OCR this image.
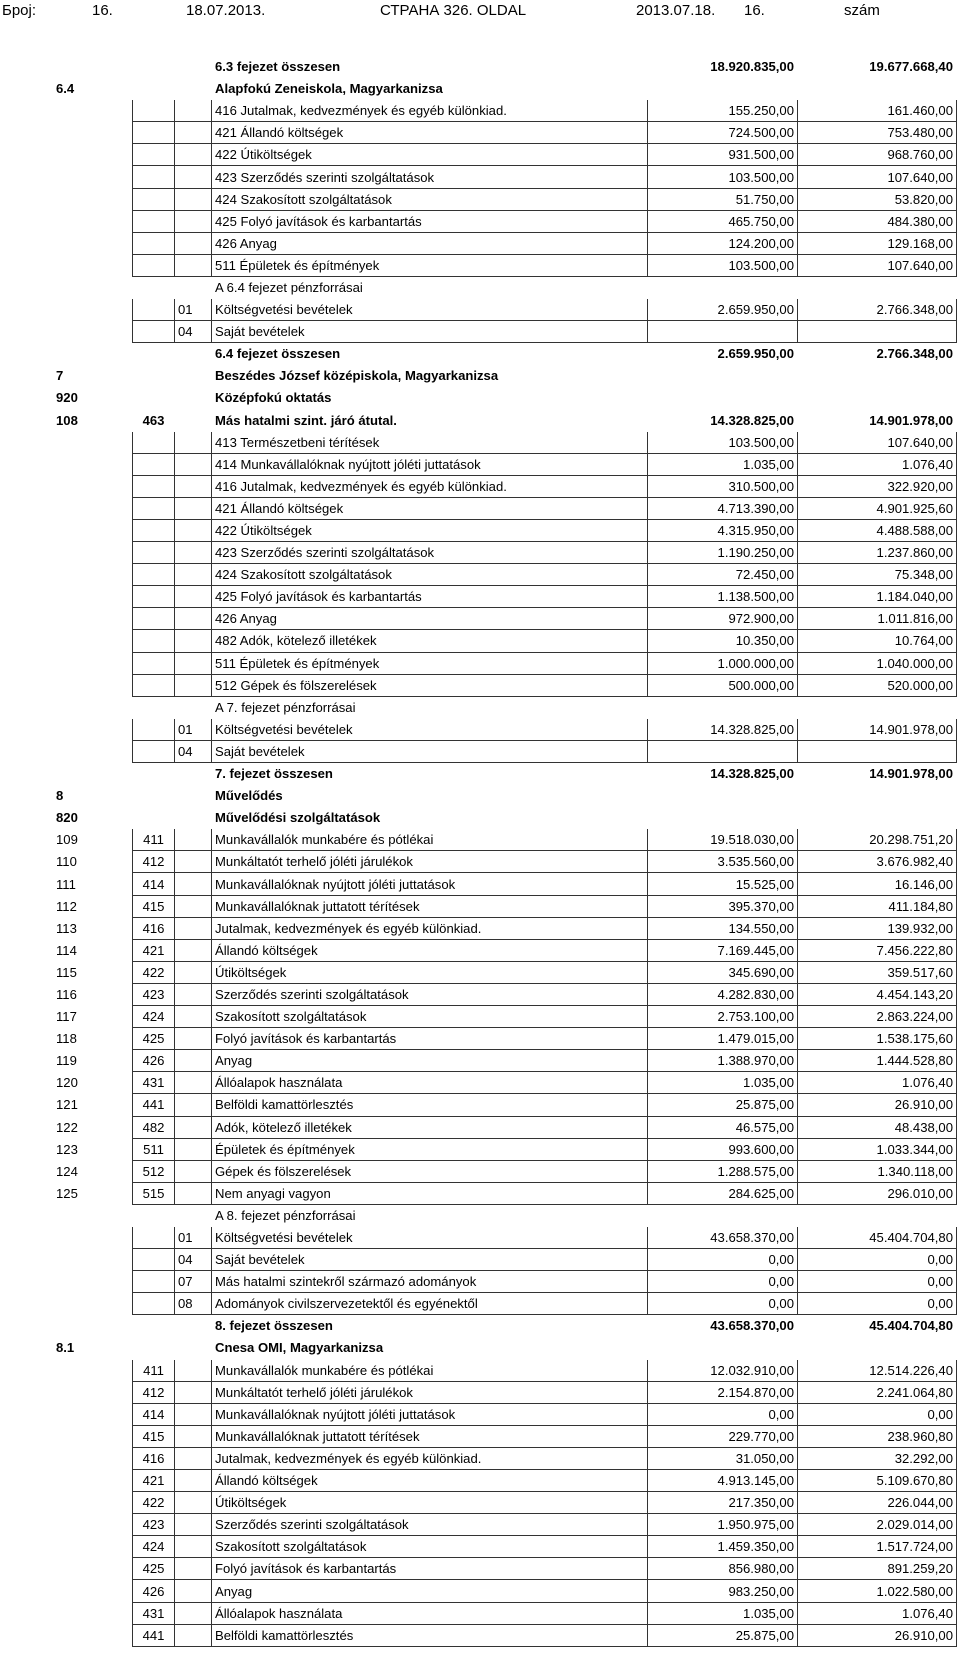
Број:	16.	18.07.2013.	СТРАНА 326. OLDAL	2013.07.18. 16.	szám
			6.3 fejezet összesen	18.920.835,00	19.677.668,40
6.4			Alapfokú Zeneiskola, Magyarkanizsa		
			416 Jutalmak, kedvezmények és egyéb különkiad.	155.250,00	161.460,00
			421 Állandó költségek	724.500,00	753.480,00
			422 Útiköltségek	931.500,00	968.760,00
			423 Szerződés szerinti szolgáltatások	103.500,00	107.640,00
			424 Szakosított szolgáltatások	51.750,00	53.820,00
			425 Folyó javítások és karbantartás	465.750,00	484.380,00
			426 Anyag	124.200,00	129.168,00
			511 Épületek és építmények	103.500,00	107.640,00
			A 6.4 fejezet pénzforrásai		
		01	Költségvetési bevételek	2.659.950,00	2.766.348,00
		04	Saját bevételek		
			6.4 fejezet összesen	2.659.950,00	2.766.348,00
7			Beszédes József középiskola, Magyarkanizsa		
920			Középfokú oktatás		
108	463		Más hatalmi szint. járó átutal.	14.328.825,00	14.901.978,00
			413 Természetbeni térítések	103.500,00	107.640,00
			414 Munkavállalóknak nyújtott jóléti juttatások	1.035,00	1.076,40
			416 Jutalmak, kedvezmények és egyéb különkiad.	310.500,00	322.920,00
			421 Állandó költségek	4.713.390,00	4.901.925,60
			422 Útiköltségek	4.315.950,00	4.488.588,00
			423 Szerződés szerinti szolgáltatások	1.190.250,00	1.237.860,00
			424 Szakosított szolgáltatások	72.450,00	75.348,00
			425 Folyó javítások és karbantartás	1.138.500,00	1.184.040,00
			426 Anyag	972.900,00	1.011.816,00
			482 Adók, kötelező illetékek	10.350,00	10.764,00
			511 Épületek és építmények	1.000.000,00	1.040.000,00
			512 Gépek és fölszerelések	500.000,00	520.000,00
			A 7. fejezet pénzforrásai		
		01	Költségvetési bevételek	14.328.825,00	14.901.978,00
		04	Saját bevételek		
			7. fejezet összesen	14.328.825,00	14.901.978,00
8			Művelődés		
820			Művelődési szolgáltatások		
109	411		Munkavállalók munkabére és pótlékai	19.518.030,00	20.298.751,20
110	412		Munkáltatót terhelő jóléti járulékok	3.535.560,00	3.676.982,40
111	414		Munkavállalóknak nyújtott jóléti juttatások	15.525,00	16.146,00
112	415		Munkavállalóknak juttatott térítések	395.370,00	411.184,80
113	416		Jutalmak, kedvezmények és egyéb különkiad.	134.550,00	139.932,00
114	421		Állandó költségek	7.169.445,00	7.456.222,80
115	422		Útiköltségek	345.690,00	359.517,60
116	423		Szerződés szerinti szolgáltatások	4.282.830,00	4.454.143,20
117	424		Szakosított szolgáltatások	2.753.100,00	2.863.224,00
118	425		Folyó javítások és karbantartás	1.479.015,00	1.538.175,60
119	426		Anyag	1.388.970,00	1.444.528,80
120	431		Állóalapok használata	1.035,00	1.076,40
121	441		Belföldi kamattörlesztés	25.875,00	26.910,00
122	482		Adók, kötelező illetékek	46.575,00	48.438,00
123	511		Épületek és építmények	993.600,00	1.033.344,00
124	512		Gépek és fölszerelések	1.288.575,00	1.340.118,00
125	515		Nem anyagi vagyon	284.625,00	296.010,00
			A 8. fejezet pénzforrásai		
		01	Költségvetési bevételek	43.658.370,00	45.404.704,80
		04	Saját bevételek	0,00	0,00
		07	Más hatalmi szintekről származó adományok	0,00	0,00
		08	Adományok civilszervezetektől és egyénektől	0,00	0,00
			8. fejezet összesen	43.658.370,00	45.404.704,80
8.1			Cnesa OMI, Magyarkanizsa		
	411		Munkavállalók munkabére és pótlékai	12.032.910,00	12.514.226,40
	412		Munkáltatót terhelő jóléti járulékok	2.154.870,00	2.241.064,80
	414		Munkavállalóknak nyújtott jóléti juttatások	0,00	0,00
	415		Munkavállalóknak juttatott térítések	229.770,00	238.960,80
	416		Jutalmak, kedvezmények és egyéb különkiad.	31.050,00	32.292,00
	421		Állandó költségek	4.913.145,00	5.109.670,80
	422		Útiköltségek	217.350,00	226.044,00
	423		Szerződés szerinti szolgáltatások	1.950.975,00	2.029.014,00
	424		Szakosított szolgáltatások	1.459.350,00	1.517.724,00
	425		Folyó javítások és karbantartás	856.980,00	891.259,20
	426		Anyag	983.250,00	1.022.580,00
	431		Állóalapok használata	1.035,00	1.076,40
	441		Belföldi kamattörlesztés	25.875,00	26.910,00
